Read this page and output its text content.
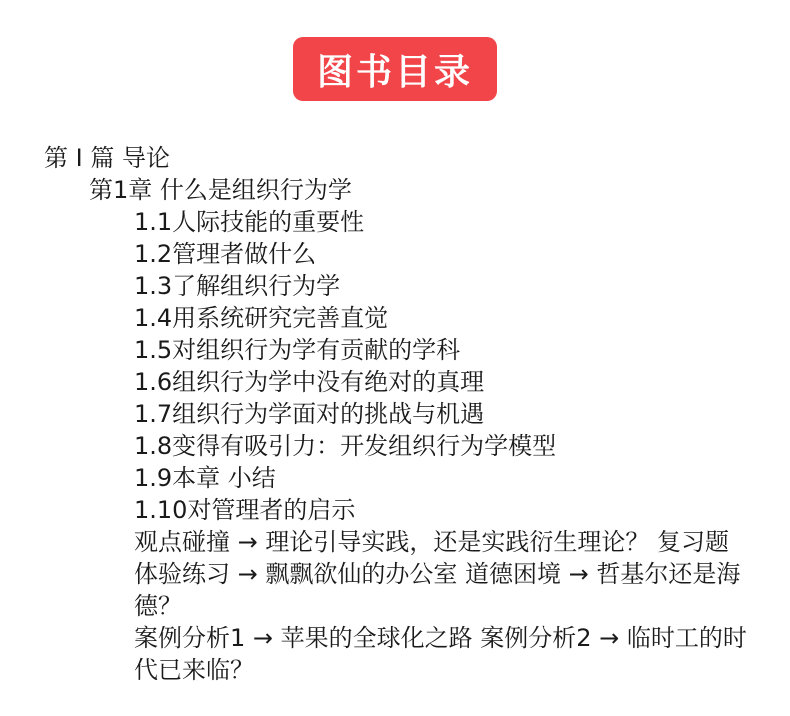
图书目录
第 I 篇 导论
第1章 什么是组织行为学
1.1人际技能的重要性
1.2管理者做什么
1.3了解组织行为学
1.4用系统研究完善直觉
1.5对组织行为学有贡献的学科
1.6组织行为学中没有绝对的真理
1.7组织行为学面对的挑战与机遇
1.8变得有吸引力：开发组织行为学模型
1.9本章 小结
1.10对管理者的启示
观点碰撞 → 理论引导实践，还是实践衍生理论？ 复习题
体验练习 → 飘飘欲仙的办公室 道德困境 → 哲基尔还是海德？
案例分析1 → 苹果的全球化之路 案例分析2 → 临时工的时代已来临？
